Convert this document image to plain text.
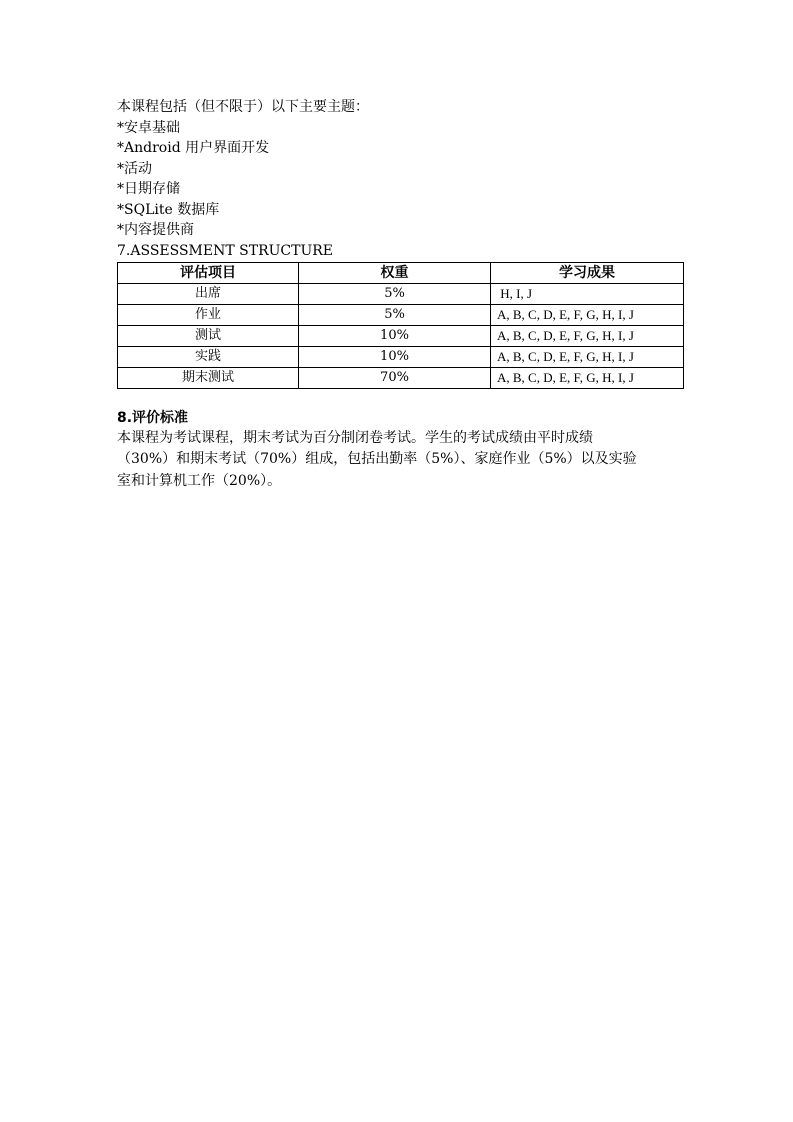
本课程包括（但不限于）以下主要主题：
*安卓基础
*Android 用户界面开发
*活动
*日期存储
*SQLite 数据库
*内容提供商
7.ASSESSMENT STRUCTURE
评估项目	权重	学习成果
出席	5%	H, I, J
作业	5%	A, B, C, D, E, F, G, H, I, J
测试	10%	A, B, C, D, E, F, G, H, I, J
实践	10%	A, B, C, D, E, F, G, H, I, J
期末测试	70%	A, B, C, D, E, F, G, H, I, J
8.评价标准
本课程为考试课程，期末考试为百分制闭卷考试。学生的考试成绩由平时成绩
（30%）和期末考试（70%）组成，包括出勤率（5%）、家庭作业（5%）以及实验
室和计算机工作（20%）。
